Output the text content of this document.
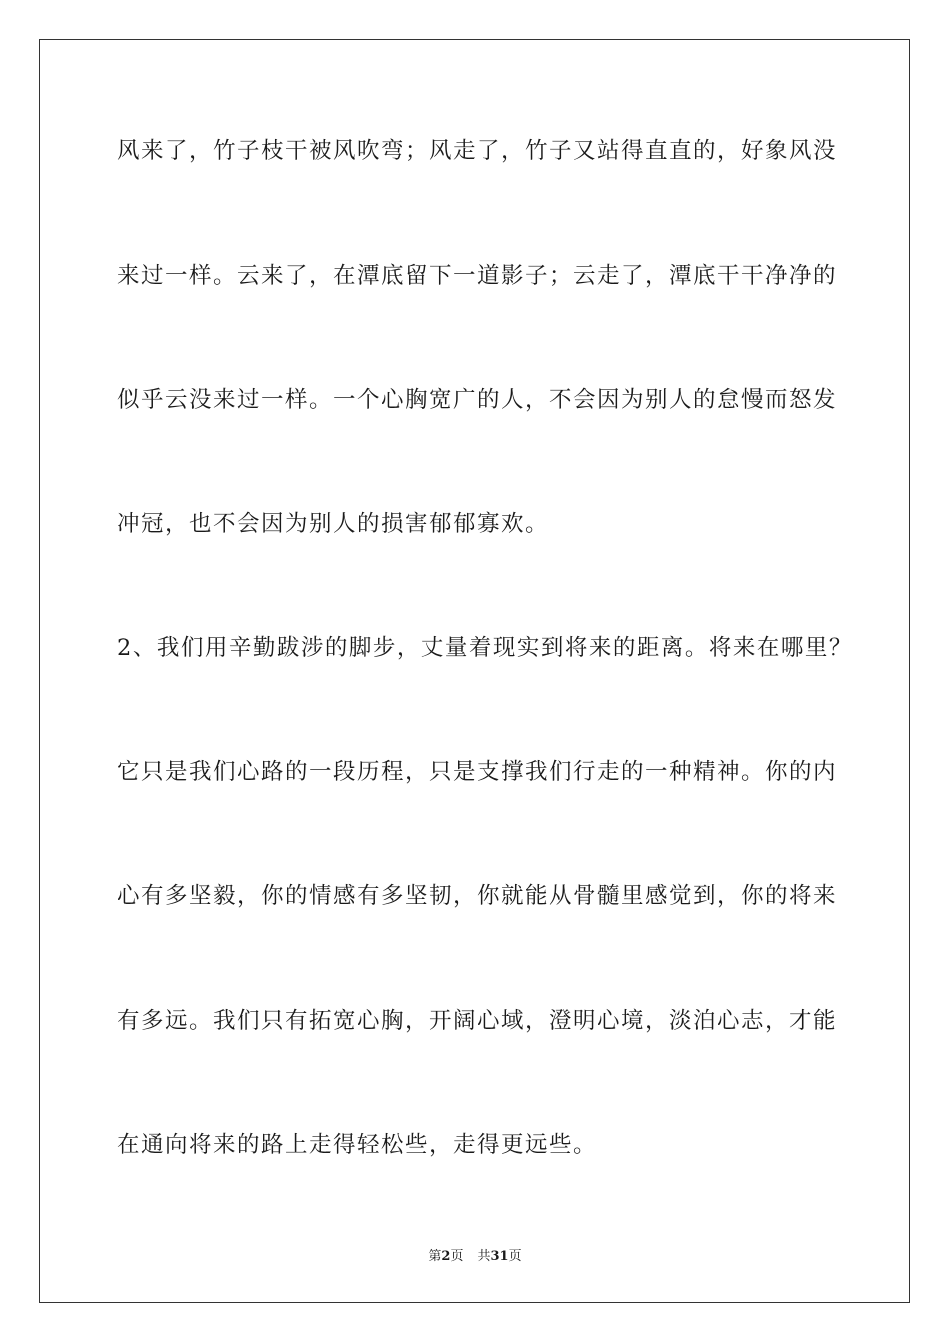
风来了，竹子枝干被风吹弯；风走了，竹子又站得直直的，好象风没
来过一样。云来了，在潭底留下一道影子；云走了，潭底干干净净的
似乎云没来过一样。一个心胸宽广的人，不会因为别人的怠慢而怒发
冲冠，也不会因为别人的损害郁郁寡欢。
2、我们用辛勤跋涉的脚步，丈量着现实到将来的距离。将来在哪里？
它只是我们心路的一段历程，只是支撑我们行走的一种精神。你的内
心有多坚毅，你的情感有多坚韧，你就能从骨髓里感觉到，你的将来
有多远。我们只有拓宽心胸，开阔心域，澄明心境，淡泊心志，才能
在通向将来的路上走得轻松些，走得更远些。
第2页 共31页
